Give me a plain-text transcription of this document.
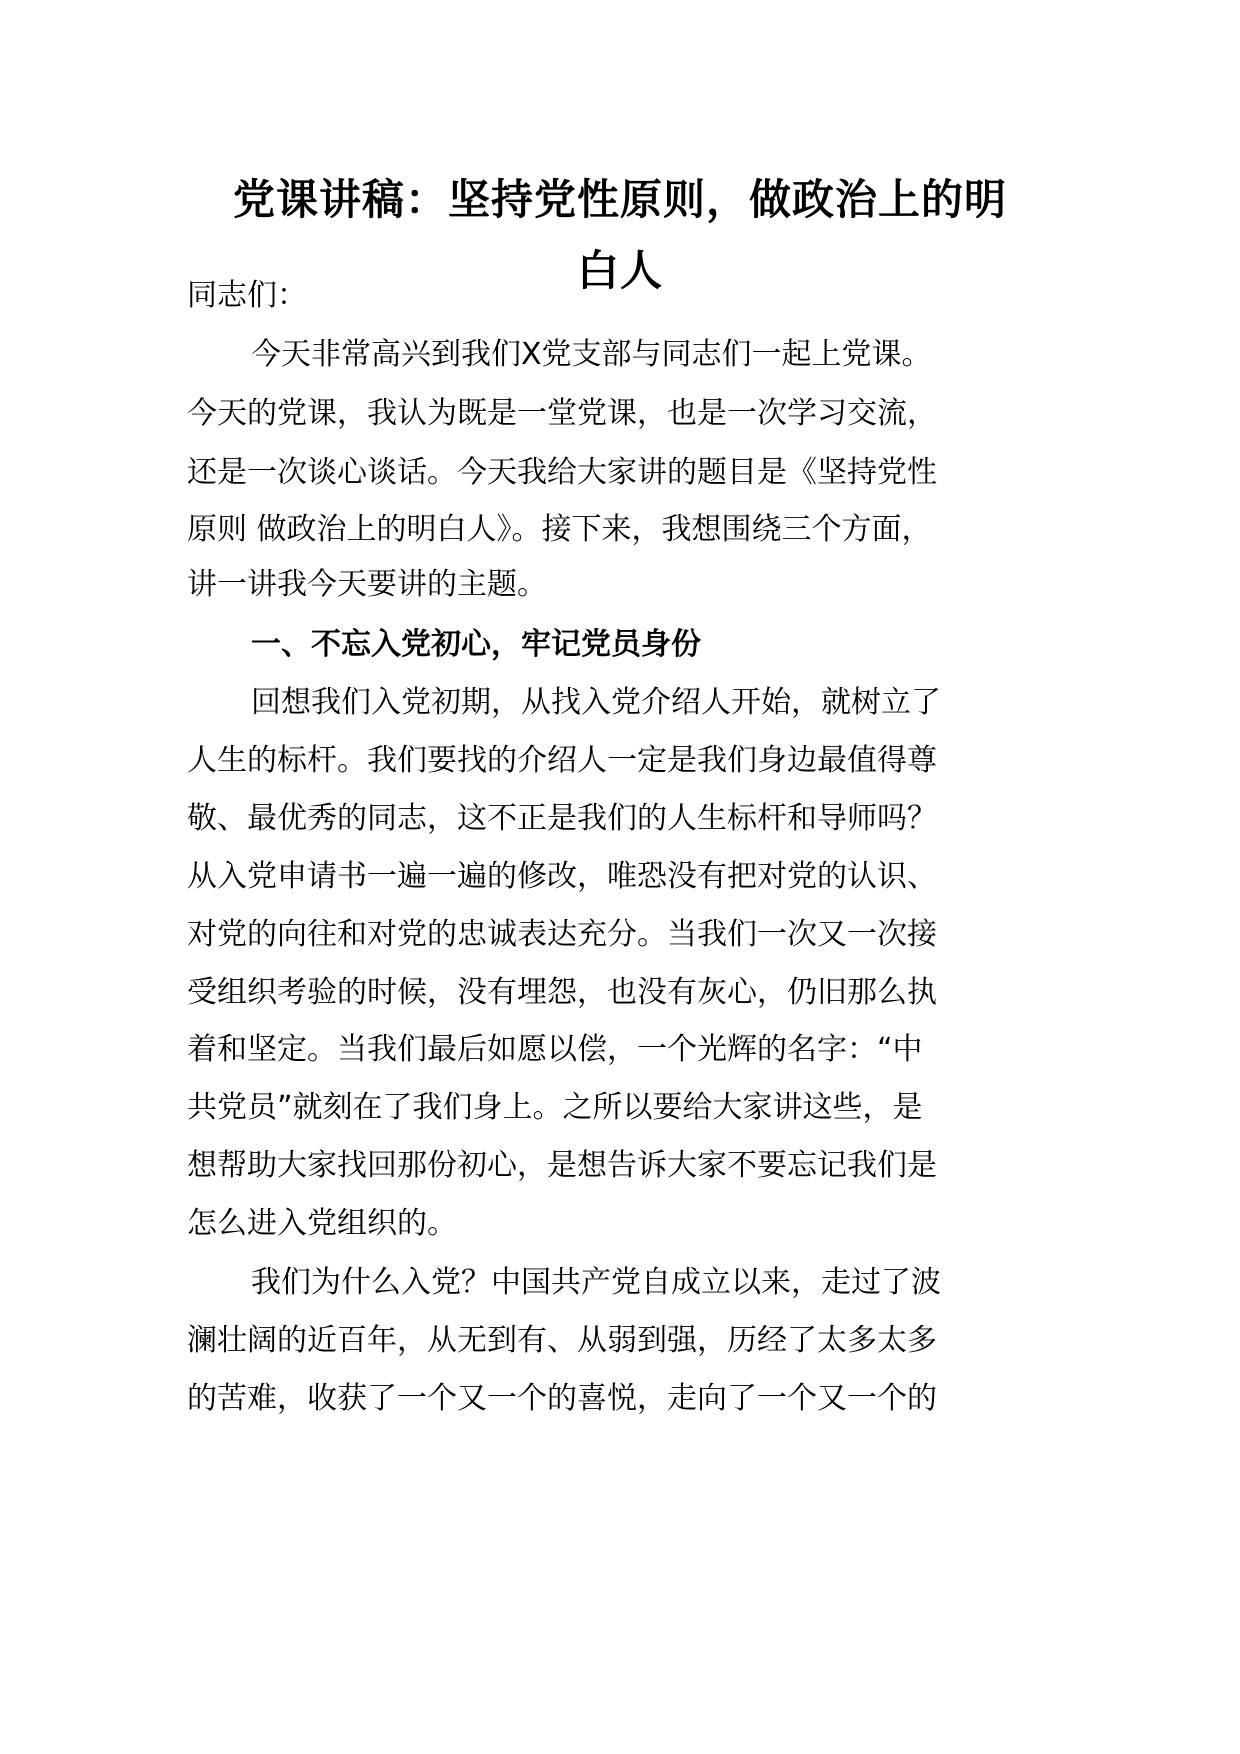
党课讲稿：坚持党性原则，做政治上的明
白人
同志们：
今天非常高兴到我们X党支部与同志们一起上党课。
今天的党课，我认为既是一堂党课，也是一次学习交流，
还是一次谈心谈话。今天我给大家讲的题目是《坚持党性
原则 做政治上的明白人》。接下来，我想围绕三个方面，
讲一讲我今天要讲的主题。
一、不忘入党初心，牢记党员身份
回想我们入党初期，从找入党介绍人开始，就树立了
人生的标杆。我们要找的介绍人一定是我们身边最值得尊
敬、最优秀的同志，这不正是我们的人生标杆和导师吗？
从入党申请书一遍一遍的修改，唯恐没有把对党的认识、
对党的向往和对党的忠诚表达充分。当我们一次又一次接
受组织考验的时候，没有埋怨，也没有灰心，仍旧那么执
着和坚定。当我们最后如愿以偿，一个光辉的名字：“中
共党员”就刻在了我们身上。之所以要给大家讲这些，是
想帮助大家找回那份初心，是想告诉大家不要忘记我们是
怎么进入党组织的。
我们为什么入党？中国共产党自成立以来，走过了波
澜壮阔的近百年，从无到有、从弱到强，历经了太多太多
的苦难，收获了一个又一个的喜悦，走向了一个又一个的
